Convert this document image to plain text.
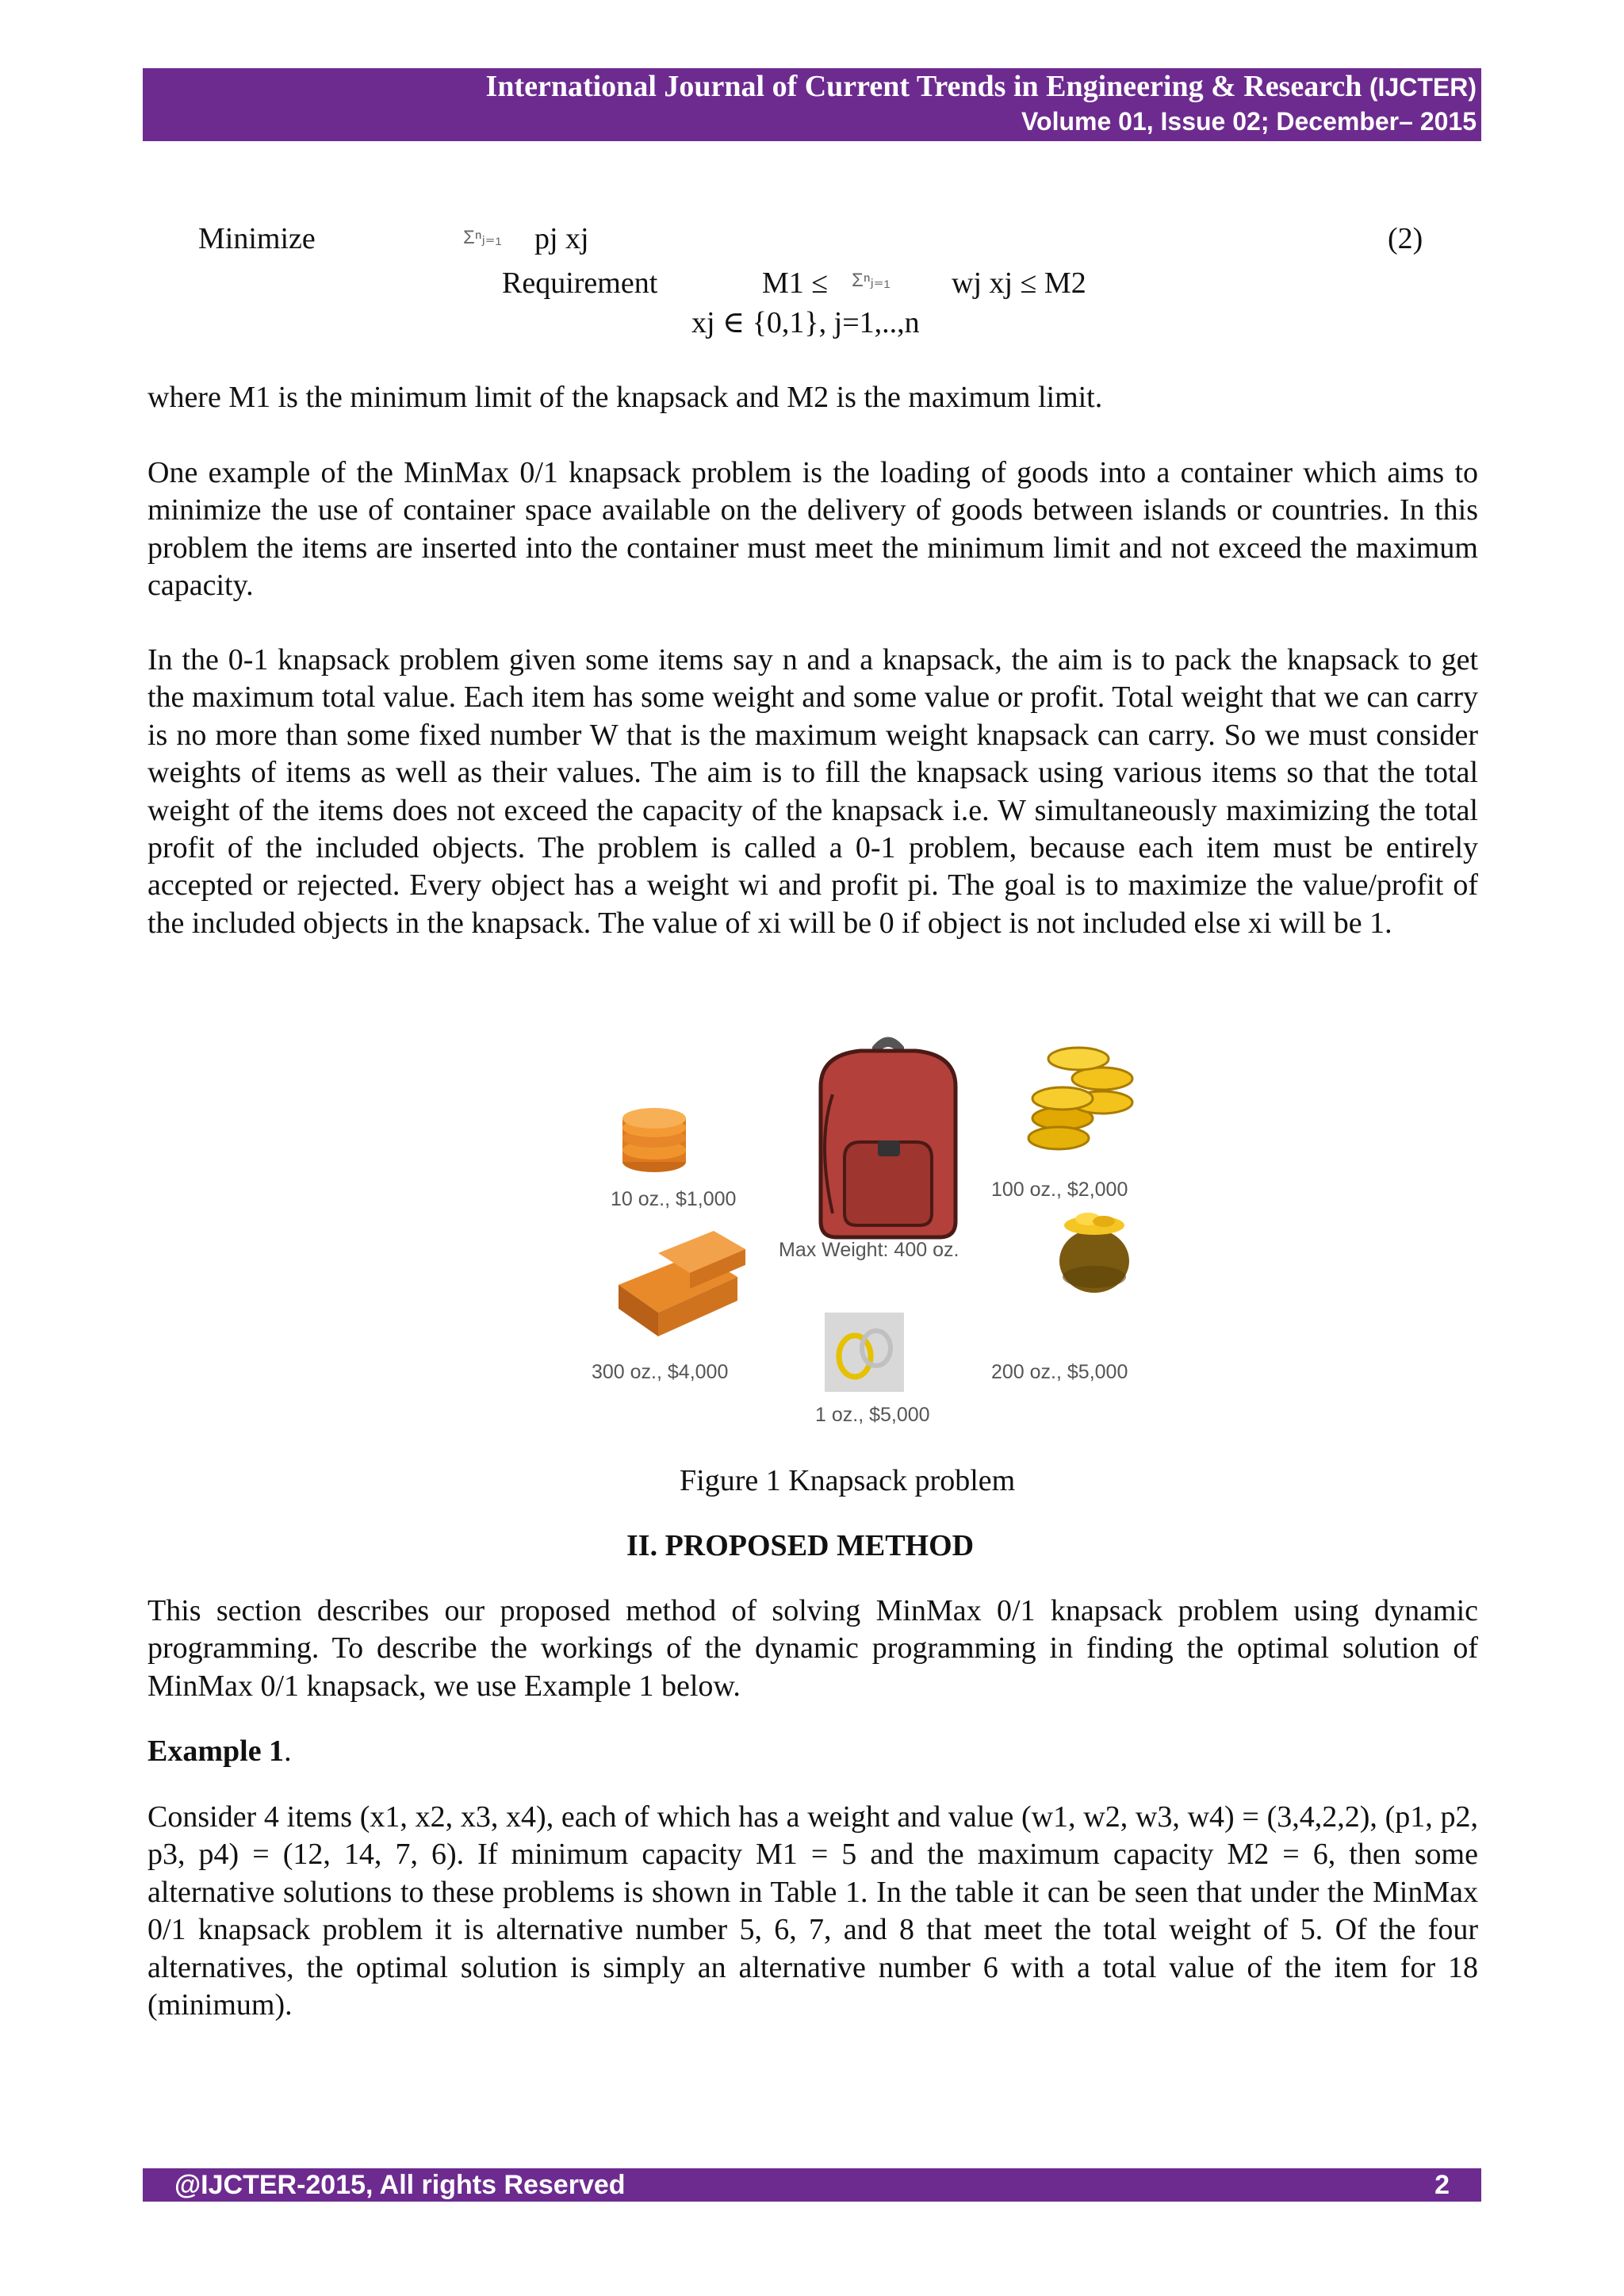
International Journal of Current Trends in Engineering & Research (IJCTER)
Volume 01, Issue 02; December– 2015
Minimize	Σⁿⱼ₌₁ pj xj	(2)
Requirement	M1 ≤ Σⁿⱼ₌₁ wj xj ≤ M2
xj ∈ {0,1}, j=1,..,n
where M1 is the minimum limit of the knapsack and M2 is the maximum limit.
One example of the MinMax 0/1 knapsack problem is the loading of goods into a container which aims to minimize the use of container space available on the delivery of goods between islands or countries. In this problem the items are inserted into the container must meet the minimum limit and not exceed the maximum capacity.
In the 0-1 knapsack problem given some items say n and a knapsack, the aim is to pack the knapsack to get the maximum total value. Each item has some weight and some value or profit. Total weight that we can carry is no more than some fixed number W that is the maximum weight knapsack can carry. So we must consider weights of items as well as their values. The aim is to fill the knapsack using various items so that the total weight of the items does not exceed the capacity of the knapsack i.e. W simultaneously maximizing the total profit of the included objects. The problem is called a 0-1 problem, because each item must be entirely accepted or rejected. Every object has a weight wi and profit pi. The goal is to maximize the value/profit of the included objects in the knapsack. The value of xi will be 0 if object is not included else xi will be 1.
10 oz., $1,000	100 oz., $2,000
Max Weight: 400 oz.
300 oz., $4,000
1 oz., $5,000
200 oz., $5,000
Figure 1 Knapsack problem
II. PROPOSED METHOD
This section describes our proposed method of solving MinMax 0/1 knapsack problem using dynamic programming. To describe the workings of the dynamic programming in finding the optimal solution of MinMax 0/1 knapsack, we use Example 1 below.
Example 1.
Consider 4 items (x1, x2, x3, x4), each of which has a weight and value (w1, w2, w3, w4) = (3,4,2,2), (p1, p2, p3, p4) = (12, 14, 7, 6). If minimum capacity M1 = 5 and the maximum capacity M2 = 6, then some alternative solutions to these problems is shown in Table 1. In the table it can be seen that under the MinMax 0/1 knapsack problem it is alternative number 5, 6, 7, and 8 that meet the total weight of 5. Of the four alternatives, the optimal solution is simply an alternative number 6 with a total value of the item for 18 (minimum).
@IJCTER-2015, All rights Reserved	2
